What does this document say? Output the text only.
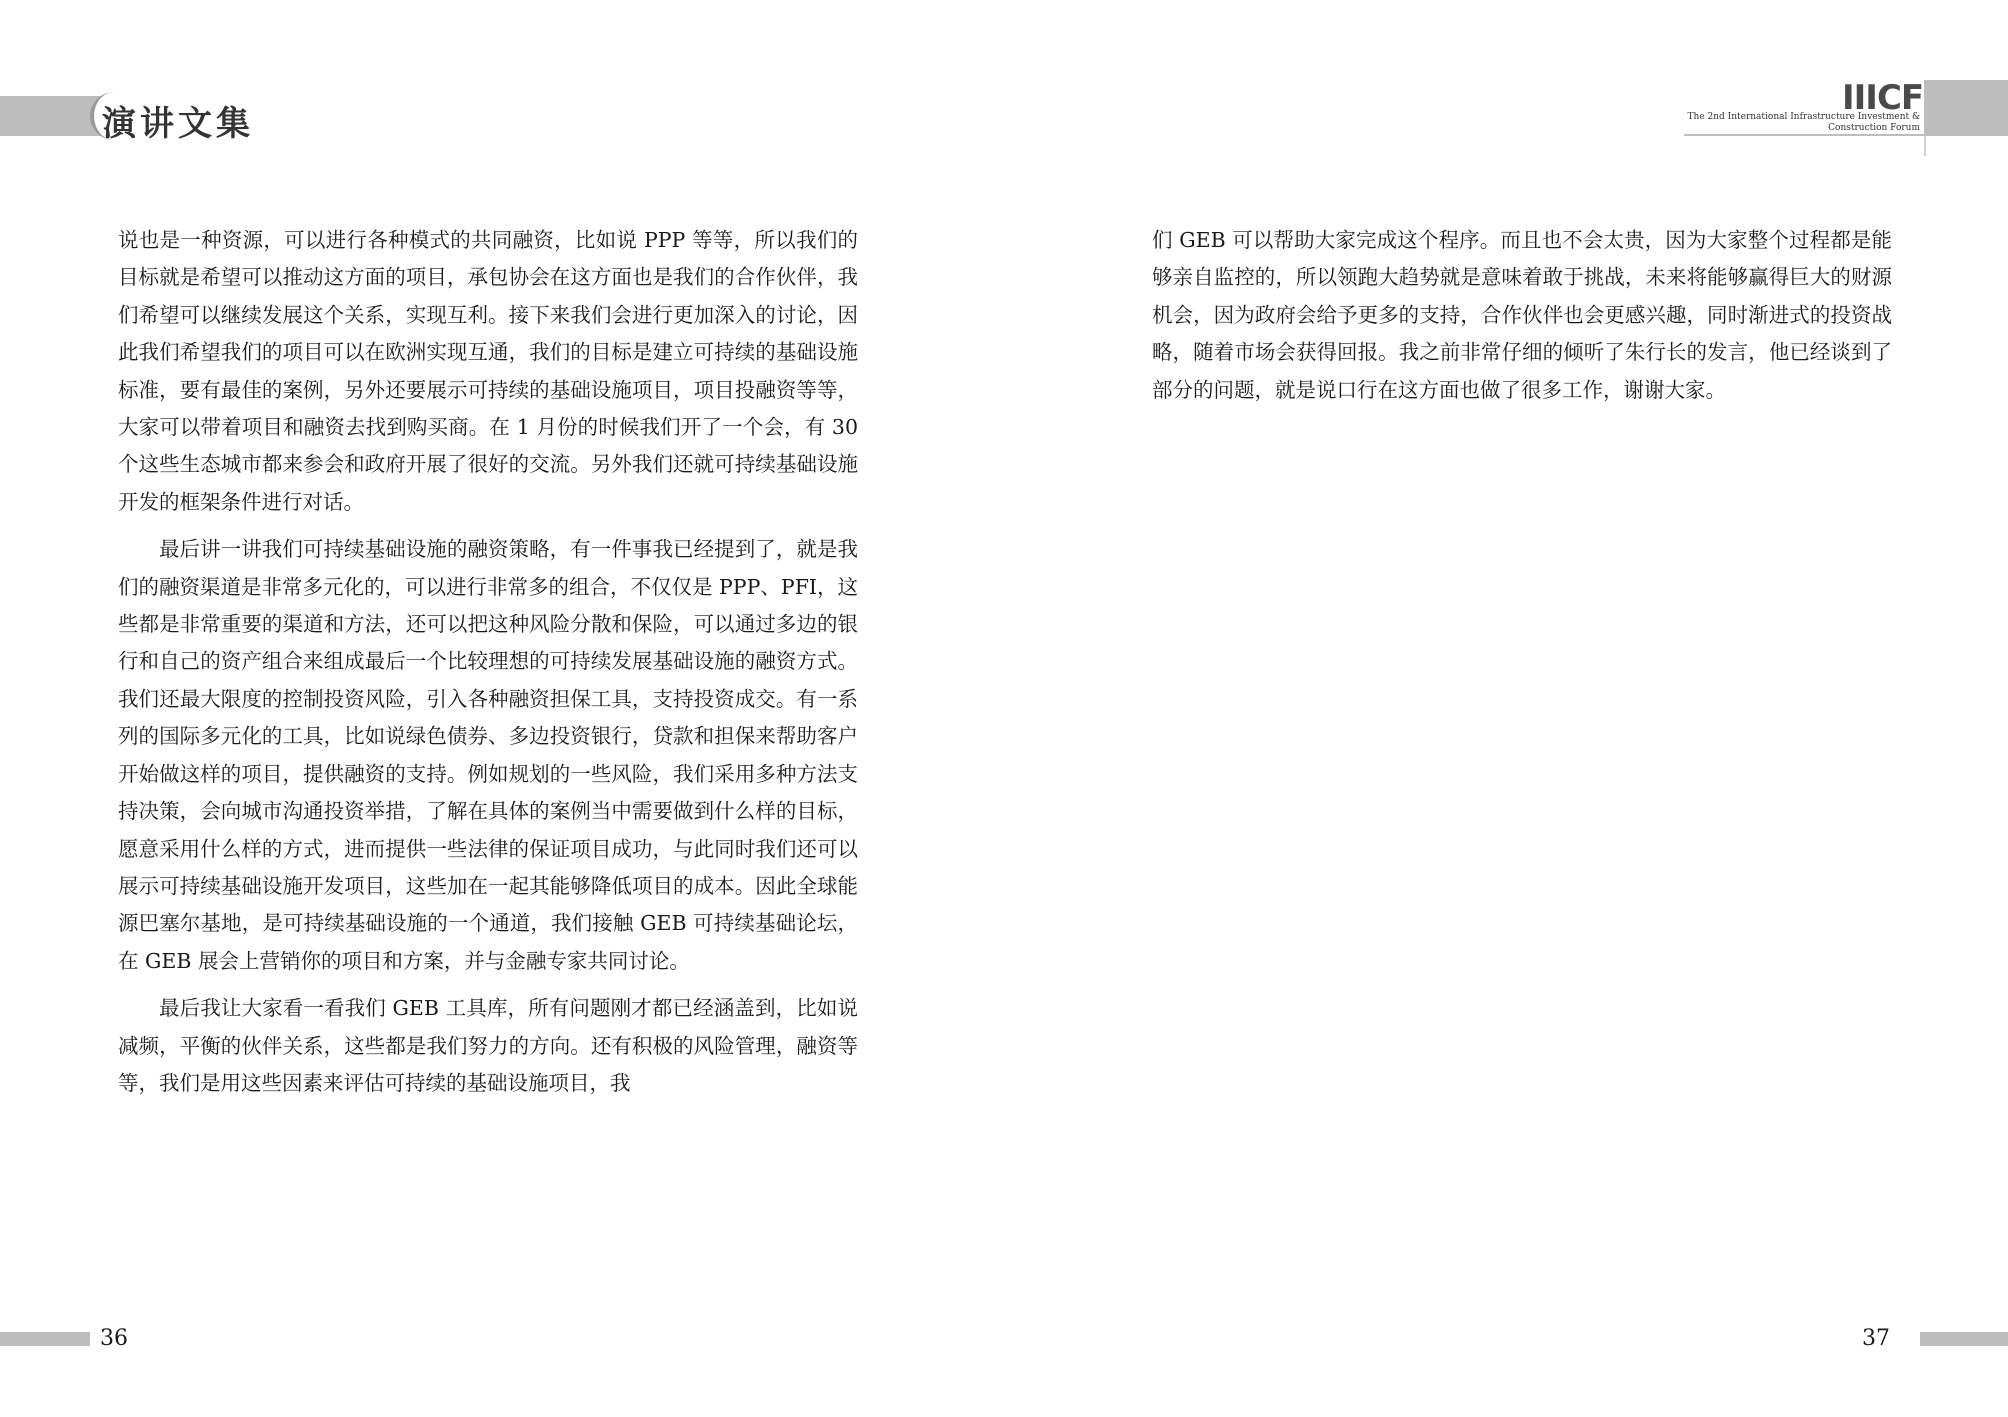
演讲文集
说也是一种资源，可以进行各种模式的共同融资，比如说 PPP 等等，所以我们的目标就是希望可以推动这方面的项目，承包协会在这方面也是我们的合作伙伴，我们希望可以继续发展这个关系，实现互利。接下来我们会进行更加深入的讨论，因此我们希望我们的项目可以在欧洲实现互通，我们的目标是建立可持续的基础设施标准，要有最佳的案例，另外还要展示可持续的基础设施项目，项目投融资等等，大家可以带着项目和融资去找到购买商。在 1 月份的时候我们开了一个会，有 30 个这些生态城市都来参会和政府开展了很好的交流。另外我们还就可持续基础设施开发的框架条件进行对话。
最后讲一讲我们可持续基础设施的融资策略，有一件事我已经提到了，就是我们的融资渠道是非常多元化的，可以进行非常多的组合，不仅仅是 PPP、PFI，这些都是非常重要的渠道和方法，还可以把这种风险分散和保险，可以通过多边的银行和自己的资产组合来组成最后一个比较理想的可持续发展基础设施的融资方式。我们还最大限度的控制投资风险，引入各种融资担保工具，支持投资成交。有一系列的国际多元化的工具，比如说绿色债券、多边投资银行，贷款和担保来帮助客户开始做这样的项目，提供融资的支持。例如规划的一些风险，我们采用多种方法支持决策，会向城市沟通投资举措，了解在具体的案例当中需要做到什么样的目标，愿意采用什么样的方式，进而提供一些法律的保证项目成功，与此同时我们还可以展示可持续基础设施开发项目，这些加在一起其能够降低项目的成本。因此全球能源巴塞尔基地，是可持续基础设施的一个通道，我们接触 GEB 可持续基础论坛，在 GEB 展会上营销你的项目和方案，并与金融专家共同讨论。
最后我让大家看一看我们 GEB 工具库，所有问题刚才都已经涵盖到，比如说减频，平衡的伙伴关系，这些都是我们努力的方向。还有积极的风险管理，融资等等，我们是用这些因素来评估可持续的基础设施项目，我
36
IIICF
The 2nd International Infrastructure Investment &
Construction Forum
们 GEB 可以帮助大家完成这个程序。而且也不会太贵，因为大家整个过程都是能够亲自监控的，所以领跑大趋势就是意味着敢于挑战，未来将能够赢得巨大的财源机会，因为政府会给予更多的支持，合作伙伴也会更感兴趣，同时渐进式的投资战略，随着市场会获得回报。我之前非常仔细的倾听了朱行长的发言，他已经谈到了部分的问题，就是说口行在这方面也做了很多工作，谢谢大家。
37
